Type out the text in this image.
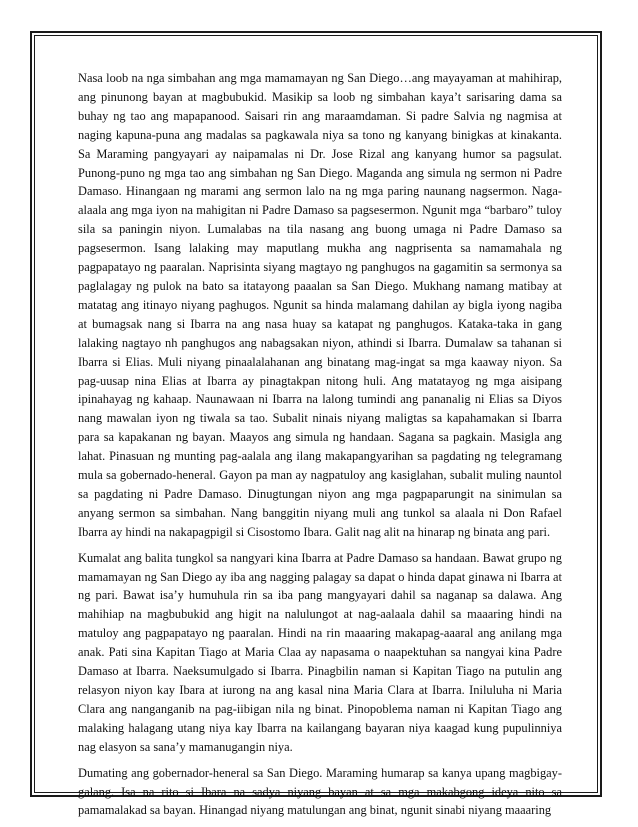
Nasa loob na nga simbahan ang mga mamamayan ng San Diego…ang mayayaman at mahihirap, ang pinunong bayan at magbubukid. Masikip sa loob ng simbahan kaya’t sarisaring dama sa buhay ng tao ang mapapanood. Saisari rin ang maraamdaman. Si padre Salvia ng nagmisa at naging kapuna-puna ang madalas sa pagkawala niya sa tono ng kanyang binigkas at kinakanta. Sa Maraming pangyayari ay naipamalas ni Dr. Jose Rizal ang kanyang humor sa pagsulat. Punong-puno ng mga tao ang simbahan ng San Diego. Maganda ang simula ng sermon ni Padre Damaso. Hinangaan ng marami ang sermon lalo na ng mga paring naunang nagsermon. Naga-alaala ang mga iyon na mahigitan ni Padre Damaso sa pagsesermon. Ngunit mga “barbaro” tuloy sila sa paningin niyon. Lumalabas na tila nasang ang buong umaga ni Padre Damaso sa pagsesermon. Isang lalaking may maputlang mukha ang nagprisenta sa namamahala ng pagpapatayo ng paaralan. Naprisinta siyang magtayo ng panghugos na gagamitin sa sermonya sa paglalagay ng pulok na bato sa itatayong paaalan sa San Diego. Mukhang namang matibay at matatag ang itinayo niyang paghugos. Ngunit sa hinda malamang dahilan ay bigla iyong nagiba at bumagsak nang si Ibarra na ang nasa huay sa katapat ng panghugos. Kataka-taka in gang lalaking nagtayo nh panghugos ang nabagsakan niyon, athindi si Ibarra. Dumalaw sa tahanan si Ibarra si Elias. Muli niyang pinaalalahanan ang binatang mag-ingat sa mga kaaway niyon. Sa pag-uusap nina Elias at Ibarra ay pinagtakpan nitong huli. Ang matatayog ng mga aisipang ipinahayag ng kahaap. Naunawaan ni Ibarra na lalong tumindi ang pananalig ni Elias sa Diyos nang mawalan iyon ng tiwala sa tao. Subalit ninais niyang maligtas sa kapahamakan si Ibarra para sa kapakanan ng bayan. Maayos ang simula ng handaan. Sagana sa pagkain. Masigla ang lahat. Pinasuan ng munting pag-aalala ang ilang makapangyarihan sa pagdating ng telegramang mula sa gobernado-heneral. Gayon pa man ay nagpatuloy ang kasiglahan, subalit muling nauntol sa pagdating ni Padre Damaso. Dinugtungan niyon ang mga pagpaparungit na sinimulan sa anyang sermon sa simbahan. Nang banggitin niyang muli ang tunkol sa alaala ni Don Rafael Ibarra ay hindi na nakapagpigil si Cisostomo Ibara. Galit nag alit na hinarap ng binata ang pari.

Kumalat ang balita tungkol sa nangyari kina Ibarra at Padre Damaso sa handaan. Bawat grupo ng mamamayan ng San Diego ay iba ang nagging palagay sa dapat o hinda dapat ginawa ni Ibarra at ng pari. Bawat isa’y humuhula rin sa iba pang mangyayari dahil sa naganap sa dalawa. Ang mahihiap na magbubukid ang higit na nalulungot at nag-aalaala dahil sa maaaring hindi na matuloy ang pagpapatayo ng paaralan. Hindi na rin maaaring makapag-aaaral ang anilang mga anak. Pati sina Kapitan Tiago at Maria Claa ay napasama o naapektuhan sa nangyai kina Padre Damaso at Ibarra. Naeksumulgado si Ibarra. Pinagbilin naman si Kapitan Tiago na putulin ang relasyon niyon kay Ibara at iurong na ang kasal nina Maria Clara at Ibarra. Iniluluha ni Maria Clara ang nanganganib na pag-iibigan nila ng binat. Pinopoblema naman ni Kapitan Tiago ang malaking halagang utang niya kay Ibarra na kailangang bayaran niya kaagad kung pupulinniya nag elasyon sa sana’y mamanugangin niya.

Dumating ang gobernador-heneral sa San Diego. Maraming humarap sa kanya upang magbigay-galang. Isa na rito si Ibara na sadya niyang bayan at sa mga makabgong ideya nito sa pamamalakad sa bayan. Hinangad niyang matulungan ang binat, ngunit sinabi niyang maaaring
